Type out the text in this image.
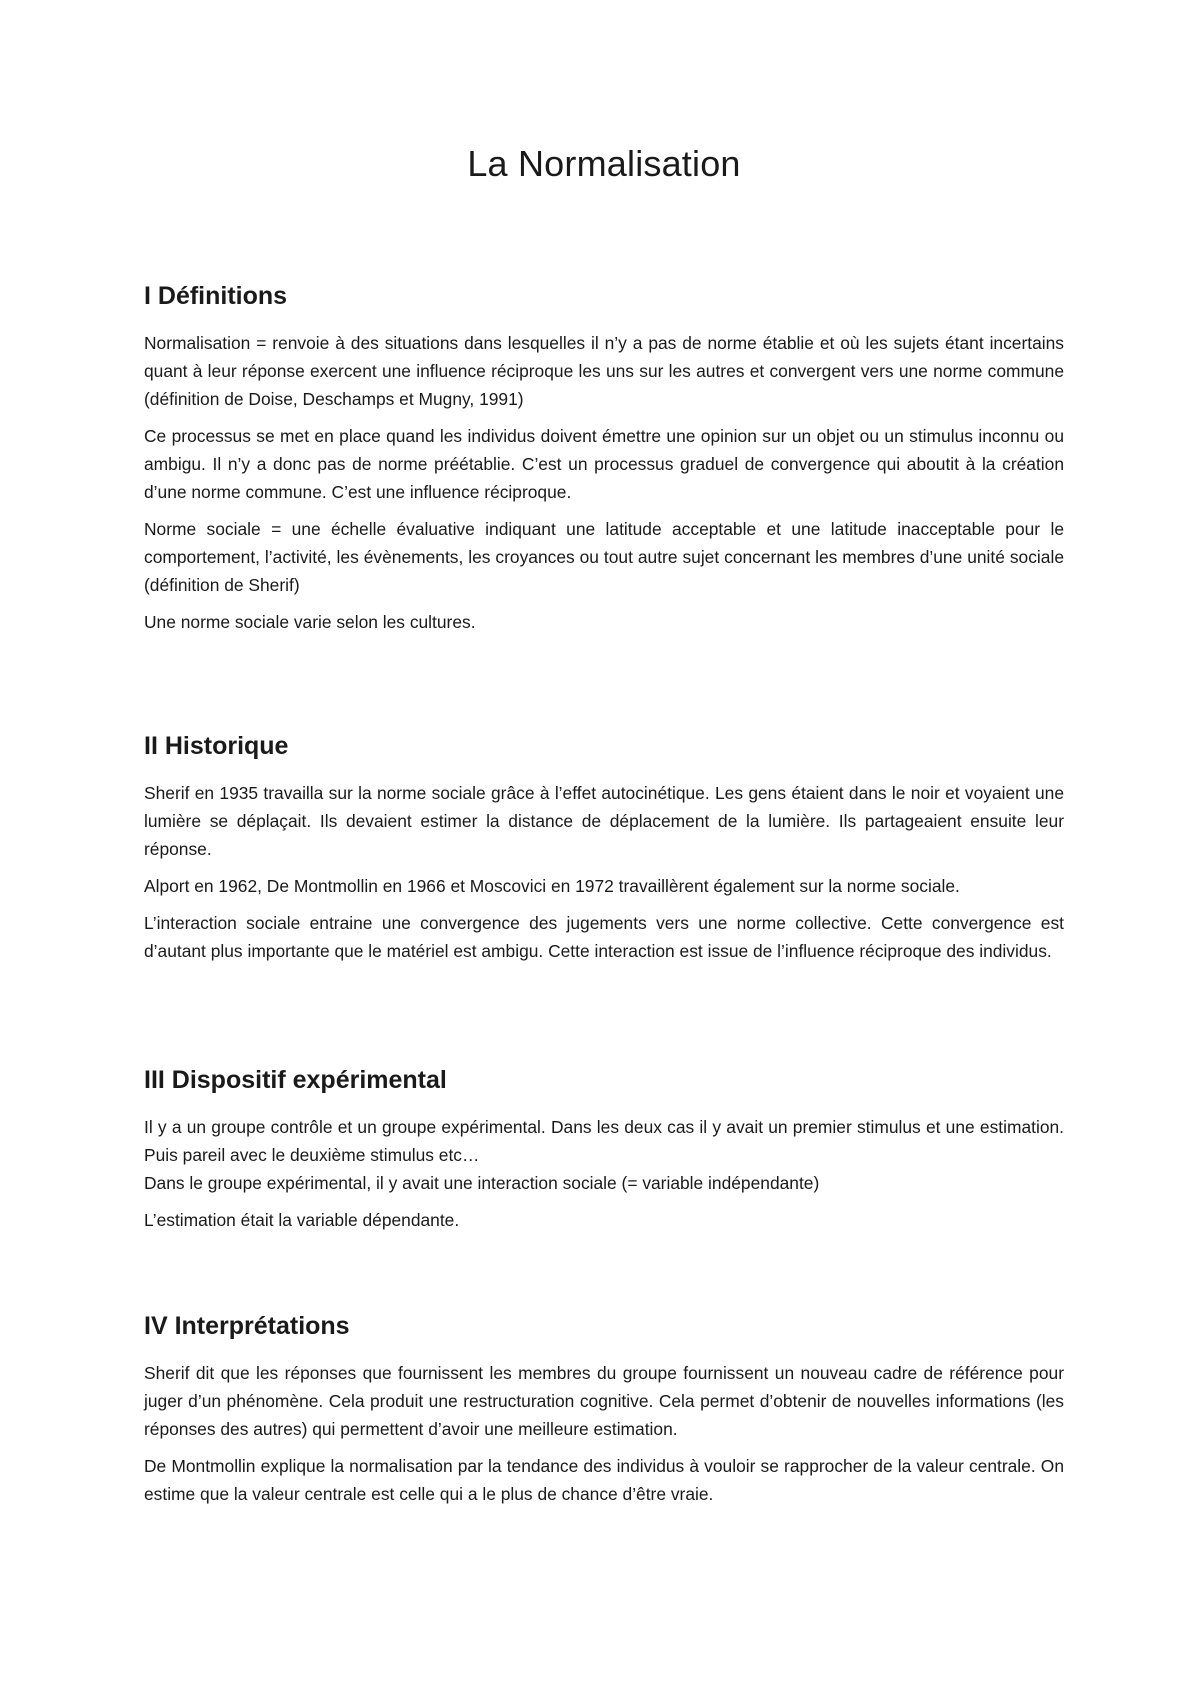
La Normalisation
I Définitions

Normalisation = renvoie à des situations dans lesquelles il n’y a pas de norme établie et où les sujets étant incertains quant à leur réponse exercent une influence réciproque les uns sur les autres et convergent vers une norme commune (définition de Doise, Deschamps et Mugny, 1991)

Ce processus se met en place quand les individus doivent émettre une opinion sur un objet ou un stimulus inconnu ou ambigu. Il n’y a donc pas de norme préétablie. C’est un processus graduel de convergence qui aboutit à la création d’une norme commune. C’est une influence réciproque.

Norme sociale = une échelle évaluative indiquant une latitude acceptable et une latitude inacceptable pour le comportement, l’activité, les évènements, les croyances ou tout autre sujet concernant les membres d’une unité sociale (définition de Sherif)

Une norme sociale varie selon les cultures.

II Historique

Sherif en 1935 travailla sur la norme sociale grâce à l’effet autocinétique. Les gens étaient dans le noir et voyaient une lumière se déplaçait. Ils devaient estimer la distance de déplacement de la lumière. Ils partageaient ensuite leur réponse.

Alport en 1962, De Montmollin en 1966 et Moscovici en 1972 travaillèrent également sur la norme sociale.

L’interaction sociale entraine une convergence des jugements vers une norme collective. Cette convergence est d’autant plus importante que le matériel est ambigu. Cette interaction est issue de l’influence réciproque des individus.

III Dispositif expérimental

Il y a un groupe contrôle et un groupe expérimental. Dans les deux cas il y avait un premier stimulus et une estimation. Puis pareil avec le deuxième stimulus etc…

Dans le groupe expérimental, il y avait une interaction sociale (= variable indépendante)

L’estimation était la variable dépendante.

IV Interprétations

Sherif dit que les réponses que fournissent les membres du groupe fournissent un nouveau cadre de référence pour juger d’un phénomène. Cela produit une restructuration cognitive. Cela permet d’obtenir de nouvelles informations (les réponses des autres) qui permettent d’avoir une meilleure estimation.

De Montmollin explique la normalisation par la tendance des individus à vouloir se rapprocher de la valeur centrale. On estime que la valeur centrale est celle qui a le plus de chance d’être vraie.
